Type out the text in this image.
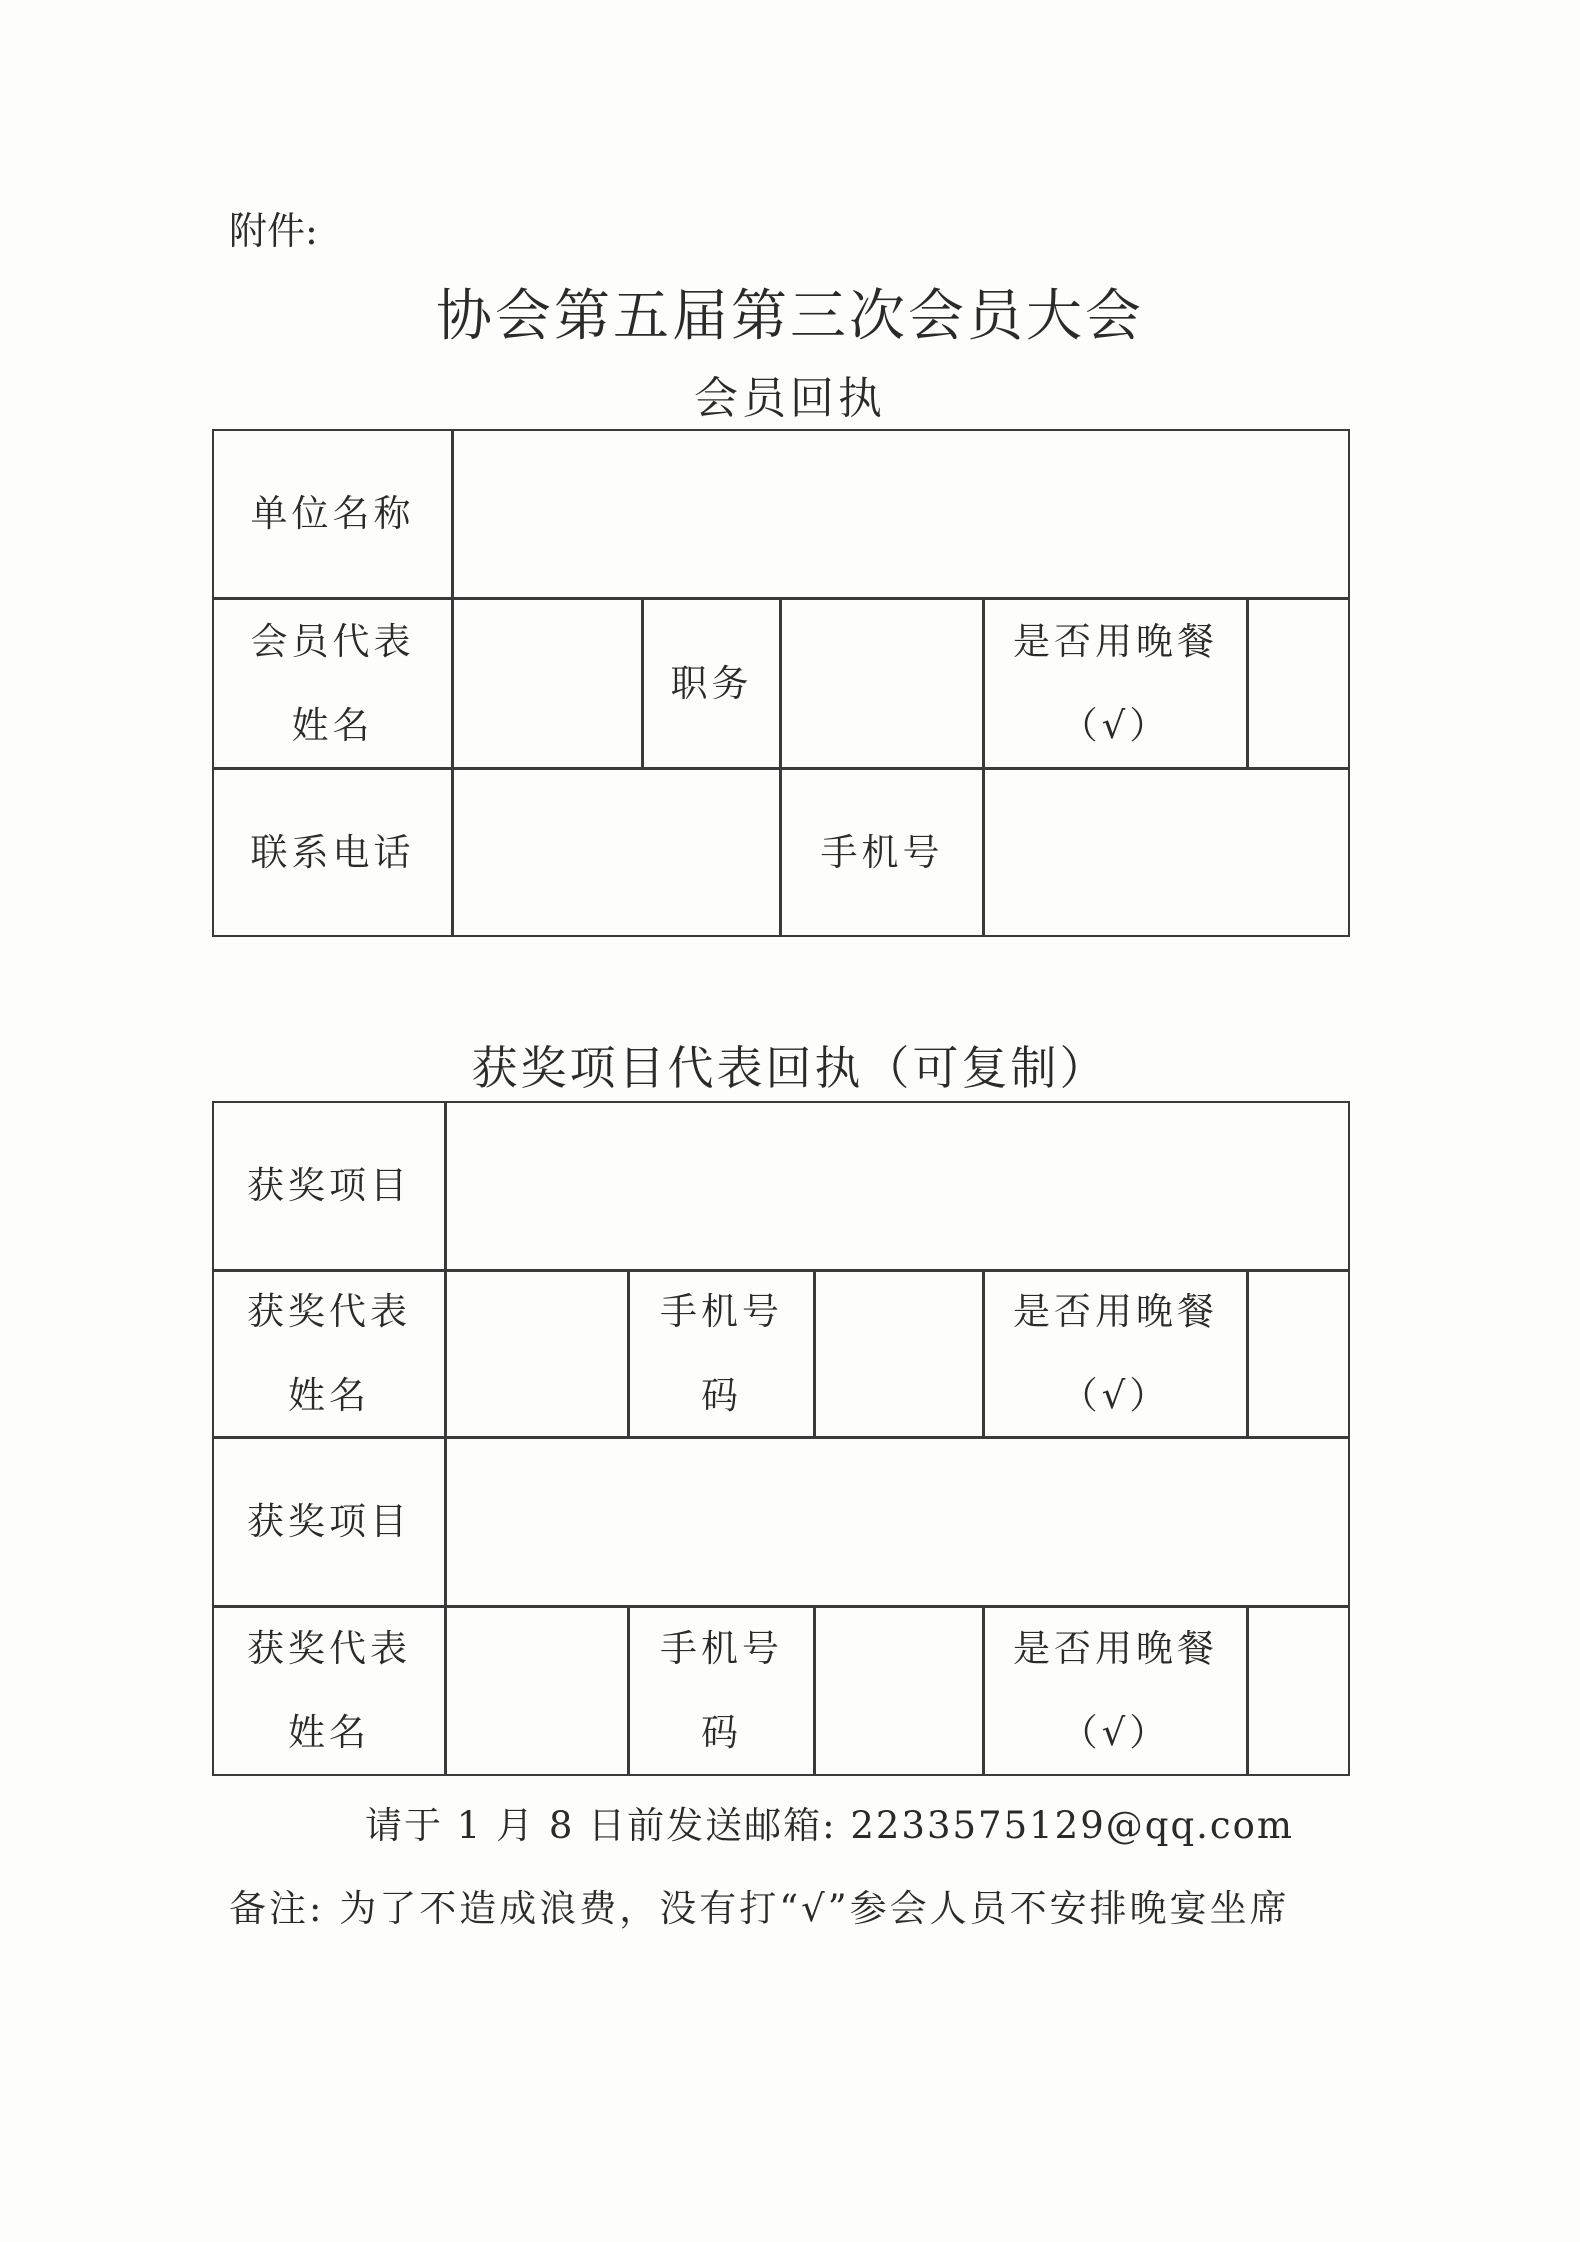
附件:
协会第五届第三次会员大会
会员回执
单位名称
会员代表
姓名
职务
是否用晚餐
（√）
联系电话	手机号
获奖项目代表回执（可复制）
获奖项目
获奖代表
姓名
手机号
码
是否用晚餐
（√）
获奖项目
获奖代表
姓名
手机号
码
是否用晚餐
（√）
请于 1 月 8 日前发送邮箱: 2233575129@qq.com
备注: 为了不造成浪费，没有打“√”参会人员不安排晚宴坐席
